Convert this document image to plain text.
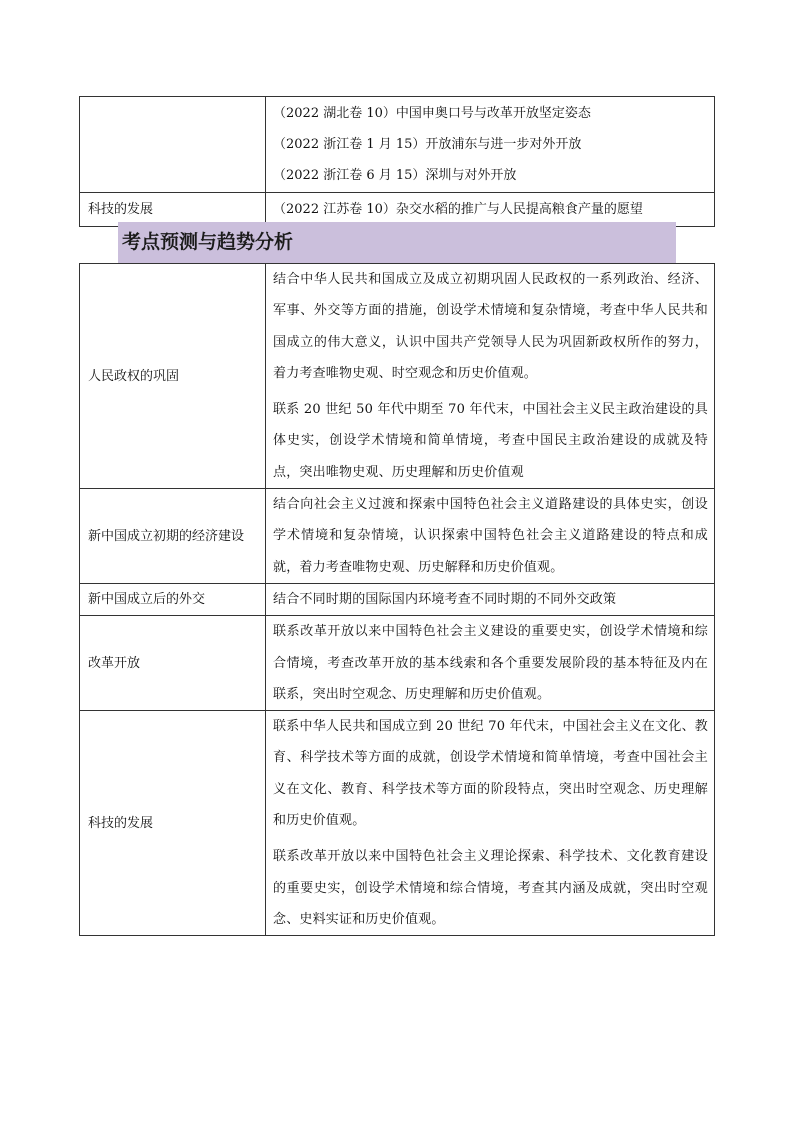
	（2022 湖北卷 10）中国申奥口号与改革开放坚定姿态
（2022 浙江卷 1 月 15）开放浦东与进一步对外开放
（2022 浙江卷 6 月 15）深圳与对外开放

科技的发展	（2022 江苏卷 10）杂交水稻的推广与人民提高粮食产量的愿望
考点预测与趋势分析
人民政权的巩固	结合中华人民共和国成立及成立初期巩固人民政权的一系列政治、经济、军事、外交等方面的措施，创设学术情境和复杂情境，考查中华人民共和国成立的伟大意义，认识中国共产党领导人民为巩固新政权所作的努力，着力考查唯物史观、时空观念和历史价值观。
联系 20 世纪 50 年代中期至 70 年代末，中国社会主义民主政治建设的具体史实，创设学术情境和简单情境，考查中国民主政治建设的成就及特点，突出唯物史观、历史理解和历史价值观

新中国成立初期的经济建设	结合向社会主义过渡和探索中国特色社会主义道路建设的具体史实，创设学术情境和复杂情境，认识探索中国特色社会主义道路建设的特点和成就，着力考查唯物史观、历史解释和历史价值观。

新中国成立后的外交	结合不同时期的国际国内环境考查不同时期的不同外交政策

改革开放	联系改革开放以来中国特色社会主义建设的重要史实，创设学术情境和综合情境，考查改革开放的基本线索和各个重要发展阶段的基本特征及内在联系，突出时空观念、历史理解和历史价值观。

科技的发展	联系中华人民共和国成立到 20 世纪 70 年代末，中国社会主义在文化、教育、科学技术等方面的成就，创设学术情境和简单情境，考查中国社会主义在文化、教育、科学技术等方面的阶段特点，突出时空观念、历史理解和历史价值观。
联系改革开放以来中国特色社会主义理论探索、科学技术、文化教育建设的重要史实，创设学术情境和综合情境，考查其内涵及成就，突出时空观念、史料实证和历史价值观。
